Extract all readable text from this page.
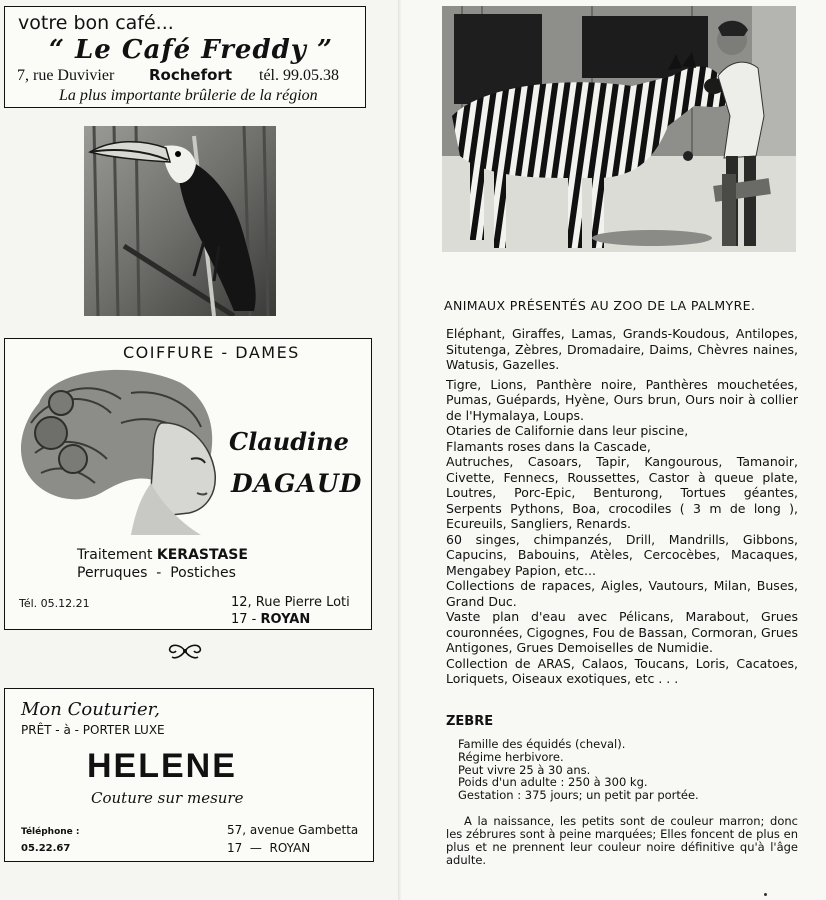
votre bon café...
“ Le Café Freddy ”
7, rue Duvivier Rochefort tél. 99.05.38
La plus importante brûlerie de la région
COIFFURE - DAMES
Claudine
DAGAUD
Traitement KERASTASE
Perruques  -  Postiches
Tél. 05.12.21	12, Rue Pierre Loti
17 - ROYAN
Mon Couturier,
PRÊT - à - PORTER LUXE
HELENE
Couture sur mesure
Téléphone :
05.22.67
57, avenue Gambetta
17  —  ROYAN
ANIMAUX PRÉSENTÉS AU ZOO DE LA PALMYRE.
Eléphant, Giraffes, Lamas, Grands-Koudous, Antilopes, Situtenga, Zèbres, Dromadaire, Daims, Chèvres naines, Watusis, Gazelles.
Tigre, Lions, Panthère noire, Panthères mouchetées, Pumas, Guépards, Hyène, Ours brun, Ours noir à collier de l'Hymalaya, Loups.
Otaries de Californie dans leur piscine,
Flamants roses dans la Cascade,
Autruches, Casoars, Tapir, Kangourous, Tamanoir, Civette, Fennecs, Roussettes, Castor à queue plate, Loutres, Porc-Epic, Benturong, Tortues géantes, Serpents Pythons, Boa, crocodiles ( 3 m de long ), Ecureuils, Sangliers, Renards.
60 singes, chimpanzés, Drill, Mandrills, Gibbons, Capucins, Babouins, Atèles, Cercocèbes, Macaques, Mengabey Papion, etc...
Collections de rapaces, Aigles, Vautours, Milan, Buses, Grand Duc.
Vaste plan d'eau avec Pélicans, Marabout, Grues couronnées, Cigognes, Fou de Bassan, Cormoran, Grues Antigones, Grues Demoiselles de Numidie.
Collection de ARAS, Calaos, Toucans, Loris, Cacatoes, Loriquets, Oiseaux exotiques, etc . . .
ZEBRE
Famille des équidés (cheval).
Régime herbivore.
Peut vivre 25 à 30 ans.
Poids d'un adulte : 250 à 300 kg.
Gestation : 375 jours; un petit par portée.

A la naissance, les petits sont de couleur marron; donc les zébrures sont à peine marquées; Elles foncent de plus en plus et ne prennent leur couleur noire définitive qu'à l'âge adulte.
